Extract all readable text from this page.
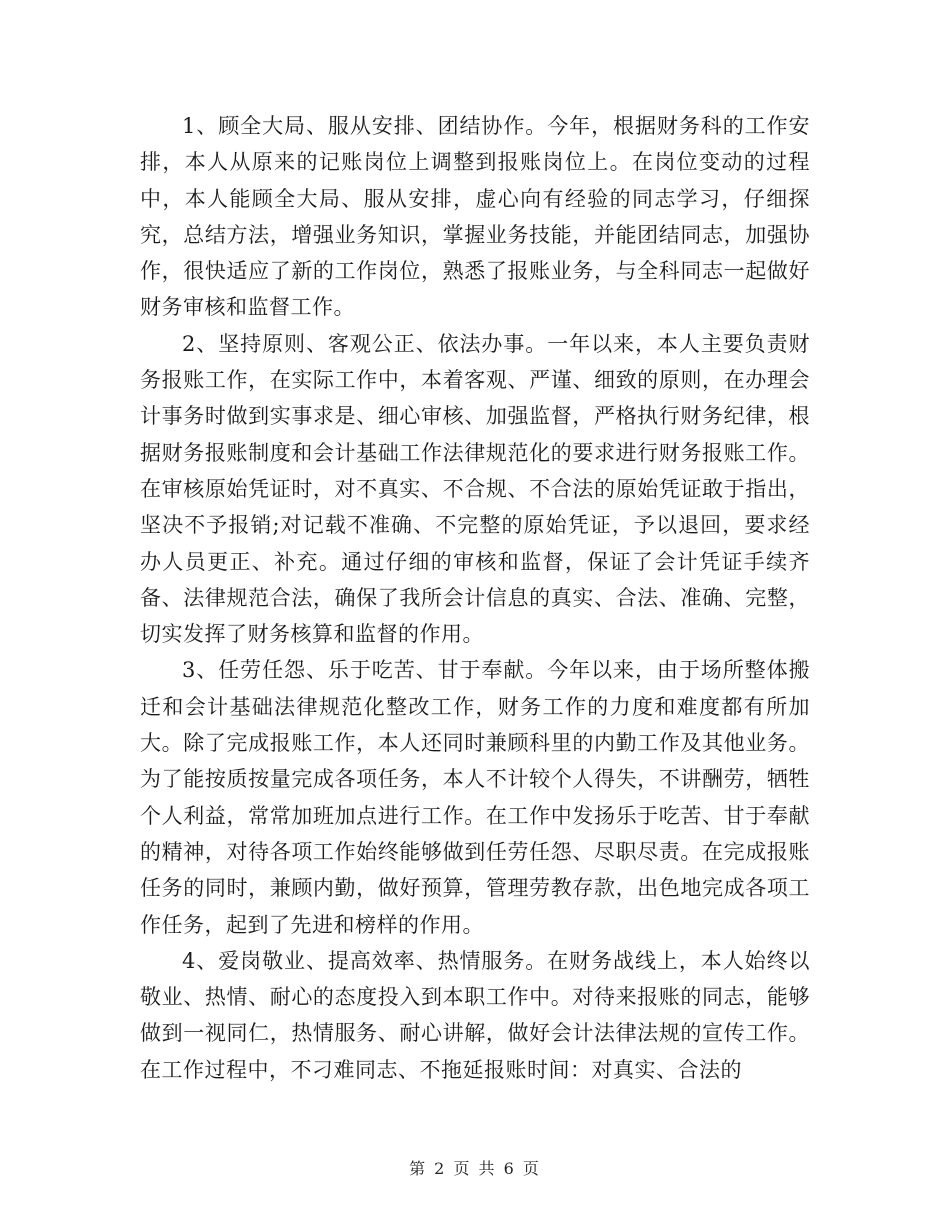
1、顾全大局、服从安排、团结协作。今年，根据财务科的工作安排，本人从原来的记账岗位上调整到报账岗位上。在岗位变动的过程中，本人能顾全大局、服从安排，虚心向有经验的同志学习，仔细探究，总结方法，增强业务知识，掌握业务技能，并能团结同志，加强协作，很快适应了新的工作岗位，熟悉了报账业务，与全科同志一起做好财务审核和监督工作。

2、坚持原则、客观公正、依法办事。一年以来，本人主要负责财务报账工作，在实际工作中，本着客观、严谨、细致的原则，在办理会计事务时做到实事求是、细心审核、加强监督，严格执行财务纪律，根据财务报账制度和会计基础工作法律规范化的要求进行财务报账工作。在审核原始凭证时，对不真实、不合规、不合法的原始凭证敢于指出，坚决不予报销;对记载不准确、不完整的原始凭证，予以退回，要求经办人员更正、补充。通过仔细的审核和监督，保证了会计凭证手续齐备、法律规范合法，确保了我所会计信息的真实、合法、准确、完整，切实发挥了财务核算和监督的作用。

3、任劳任怨、乐于吃苦、甘于奉献。今年以来，由于场所整体搬迁和会计基础法律规范化整改工作，财务工作的力度和难度都有所加大。除了完成报账工作，本人还同时兼顾科里的内勤工作及其他业务。为了能按质按量完成各项任务，本人不计较个人得失，不讲酬劳，牺牲个人利益，常常加班加点进行工作。在工作中发扬乐于吃苦、甘于奉献的精神，对待各项工作始终能够做到任劳任怨、尽职尽责。在完成报账任务的同时，兼顾内勤，做好预算，管理劳教存款，出色地完成各项工作任务，起到了先进和榜样的作用。

4、爱岗敬业、提高效率、热情服务。在财务战线上，本人始终以敬业、热情、耐心的态度投入到本职工作中。对待来报账的同志，能够做到一视同仁，热情服务、耐心讲解，做好会计法律法规的宣传工作。在工作过程中，不刁难同志、不拖延报账时间：对真实、合法的

第 2 页 共 6 页
